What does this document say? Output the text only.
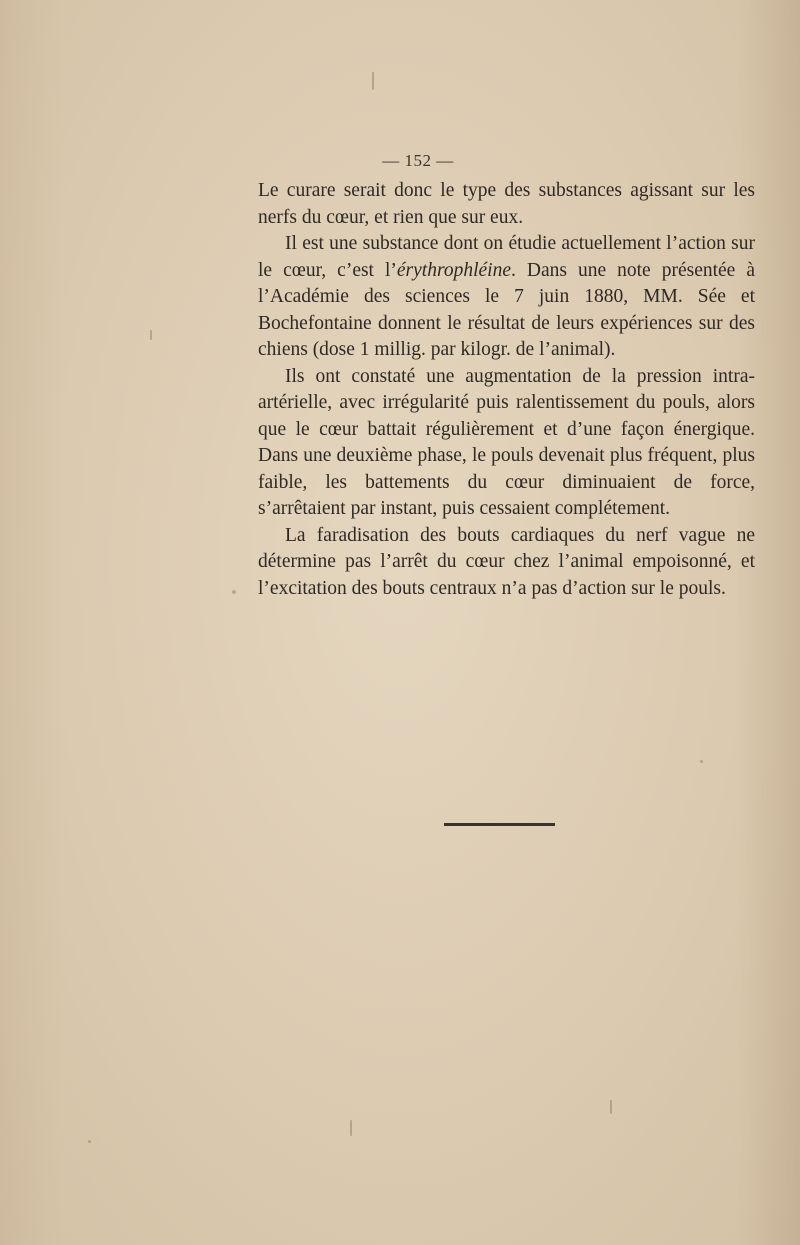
— 152 —

Le curare serait donc le type des substances agissant sur les nerfs du cœur, et rien que sur eux.

Il est une substance dont on étudie actuellement l’action sur le cœur, c’est l’érythrophléine. Dans une note présentée à l’Académie des sciences le 7 juin 1880, MM. Sée et Bochefontaine donnent le résultat de leurs expériences sur des chiens (dose 1 millig. par kilogr. de l’animal).

Ils ont constaté une augmentation de la pression intra-artérielle, avec irrégularité puis ralentissement du pouls, alors que le cœur battait régulièrement et d’une façon énergique. Dans une deuxième phase, le pouls devenait plus fréquent, plus faible, les battements du cœur diminuaient de force, s’arrêtaient par instant, puis cessaient complétement.

La faradisation des bouts cardiaques du nerf vague ne détermine pas l’arrêt du cœur chez l’animal empoisonné, et l’excitation des bouts centraux n’a pas d’action sur le pouls.
